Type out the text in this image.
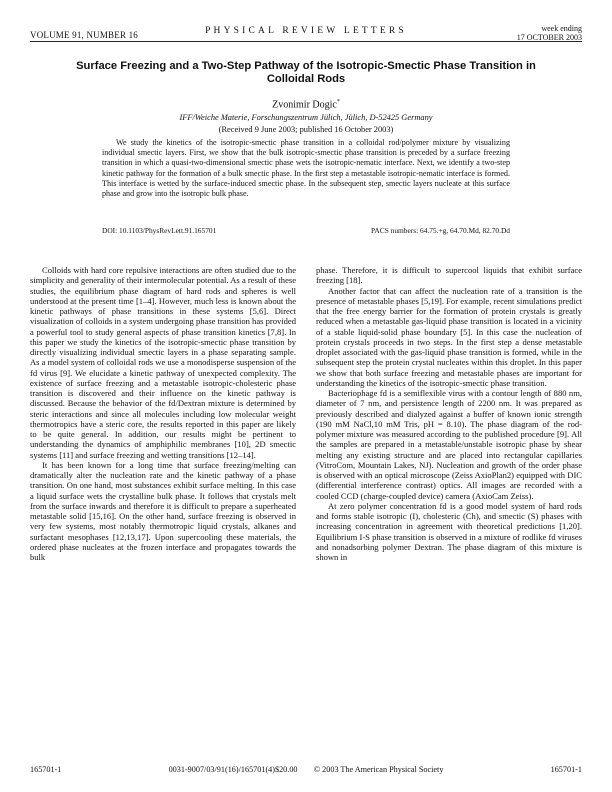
VOLUME 91, NUMBER 16	PHYSICAL REVIEW LETTERS	week ending
17 OCTOBER 2003
Surface Freezing and a Two-Step Pathway of the Isotropic-Smectic Phase Transition in Colloidal Rods
Zvonimir Dogic*
IFF/Weiche Materie, Forschungszentrum Jülich, Jülich, D-52425 Germany
(Received 9 June 2003; published 16 October 2003)
We study the kinetics of the isotropic-smectic phase transition in a colloidal rod/polymer mixture by visualizing individual smectic layers. First, we show that the bulk isotropic-smectic phase transition is preceded by a surface freezing transition in which a quasi-two-dimensional smectic phase wets the isotropic-nematic interface. Next, we identify a two-step kinetic pathway for the formation of a bulk smectic phase. In the first step a metastable isotropic-nematic interface is formed. This interface is wetted by the surface-induced smectic phase. In the subsequent step, smectic layers nucleate at this surface phase and grow into the isotropic bulk phase.
DOI: 10.1103/PhysRevLett.91.165701	PACS numbers: 64.75.+g, 64.70.Md, 82.70.Dd

Colloids with hard core repulsive interactions are often studied due to the simplicity and generality of their intermolecular potential. As a result of these studies, the equilibrium phase diagram of hard rods and spheres is well understood at the present time [1–4]. However, much less is known about the kinetic pathways of phase transitions in these systems [5,6]. Direct visualization of colloids in a system undergoing phase transition has provided a powerful tool to study general aspects of phase transition kinetics [7,8]. In this paper we study the kinetics of the isotropic-smectic phase transition by directly visualizing individual smectic layers in a phase separating sample. As a model system of colloidal rods we use a monodisperse suspension of the fd virus [9]. We elucidate a kinetic pathway of unexpected complexity. The existence of surface freezing and a metastable isotropic-cholesteric phase transition is discovered and their influence on the kinetic pathway is discussed. Because the behavior of the fd/Dextran mixture is determined by steric interactions and since all molecules including low molecular weight thermotropics have a steric core, the results reported in this paper are likely to be quite general. In addition, our results might be pertinent to understanding the dynamics of amphiphilic membranes [10], 2D smectic systems [11] and surface freezing and wetting transitions [12–14].

It has been known for a long time that surface freezing/melting can dramatically alter the nucleation rate and the kinetic pathway of a phase transition. On one hand, most substances exhibit surface melting. In this case a liquid surface wets the crystalline bulk phase. It follows that crystals melt from the surface inwards and therefore it is difficult to prepare a superheated metastable solid [15,16]. On the other hand, surface freezing is observed in very few systems, most notably thermotropic liquid crystals, alkanes and surfactant mesophases [12,13,17]. Upon supercooling these materials, the ordered phase nucleates at the frozen interface and propagates towards the bulk

phase. Therefore, it is difficult to supercool liquids that exhibit surface freezing [18].

Another factor that can affect the nucleation rate of a transition is the presence of metastable phases [5,19]. For example, recent simulations predict that the free energy barrier for the formation of protein crystals is greatly reduced when a metastable gas-liquid phase transition is located in a vicinity of a stable liquid-solid phase boundary [5]. In this case the nucleation of protein crystals proceeds in two steps. In the first step a dense metastable droplet associated with the gas-liquid phase transition is formed, while in the subsequent step the protein crystal nucleates within this droplet. In this paper we show that both surface freezing and metastable phases are important for understanding the kinetics of the isotropic-smectic phase transition.

Bacteriophage fd is a semiflexible virus with a contour length of 880 nm, diameter of 7 nm, and persistence length of 2200 nm. It was prepared as previously described and dialyzed against a buffer of known ionic strength (190 mM NaCl,10 mM Tris, pH = 8.10). The phase diagram of the rod-polymer mixture was measured according to the published procedure [9]. All the samples are prepared in a metastable/unstable isotropic phase by shear melting any existing structure and are placed into rectangular capillaries (VitroCom, Mountain Lakes, NJ). Nucleation and growth of the order phase is observed with an optical microscope (Zeiss AxioPlan2) equipped with DIC (differential interference contrast) optics. All images are recorded with a cooled CCD (charge-coupled device) camera (AxioCam Zeiss).

At zero polymer concentration fd is a good model system of hard rods and forms stable isotropic (I), cholesteric (Ch), and smectic (S) phases with increasing concentration in agreement with theoretical predictions [1,20]. Equilibrium I-S phase transition is observed in a mixture of rodlike fd viruses and nonadsorbing polymer Dextran. The phase diagram of this mixture is shown in

165701-1	0031-9007/03/91(16)/165701(4)$20.00 © 2003 The American Physical Society	165701-1
